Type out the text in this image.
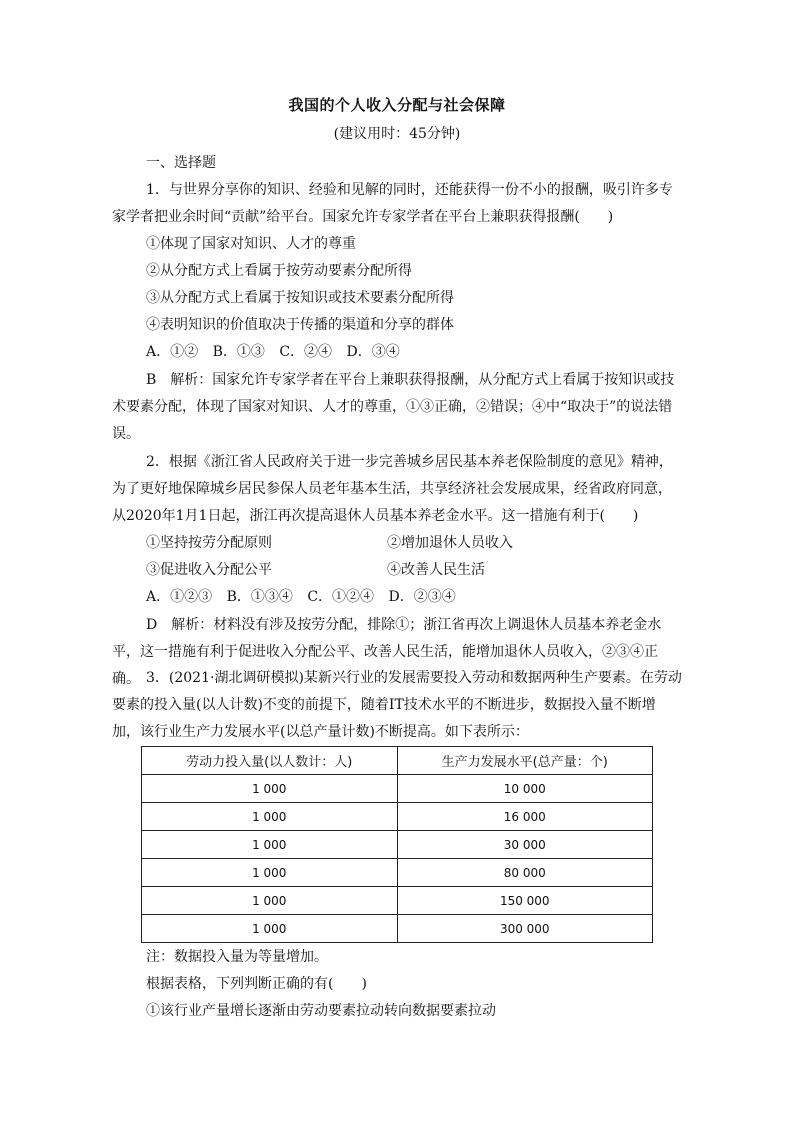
我国的个人收入分配与社会保障
(建议用时：45分钟)
一、选择题
1．与世界分享你的知识、经验和见解的同时，还能获得一份不小的报酬，吸引许多专家学者把业余时间“贡献”给平台。国家允许专家学者在平台上兼职获得报酬(　　)
①体现了国家对知识、人才的尊重
②从分配方式上看属于按劳动要素分配所得
③从分配方式上看属于按知识或技术要素分配所得
④表明知识的价值取决于传播的渠道和分享的群体
A．①② B．①③ C．②④ D．③④
B　解析：国家允许专家学者在平台上兼职获得报酬，从分配方式上看属于按知识或技术要素分配，体现了国家对知识、人才的尊重，①③正确，②错误；④中“取决于”的说法错误。
2．根据《浙江省人民政府关于进一步完善城乡居民基本养老保险制度的意见》精神，为了更好地保障城乡居民参保人员老年基本生活，共享经济社会发展成果，经省政府同意，从2020年1月1日起，浙江再次提高退休人员基本养老金水平。这一措施有利于(　　)
①坚持按劳分配原则	②增加退休人员收入
③促进收入分配公平	④改善人民生活
A．①②③ B．①③④ C．①②④ D．②③④
D　解析：材料没有涉及按劳分配，排除①；浙江省再次上调退休人员基本养老金水平，这一措施有利于促进收入分配公平、改善人民生活，能增加退休人员收入，②③④正确。 3．(2021·湖北调研模拟)某新兴行业的发展需要投入劳动和数据两种生产要素。在劳动要素的投入量(以人计数)不变的前提下，随着IT技术水平的不断进步，数据投入量不断增加，该行业生产力发展水平(以总产量计数)不断提高。如下表所示：
劳动力投入量(以人数计：人)	生产力发展水平(总产量：个)
1 000	10 000
1 000	16 000
1 000	30 000
1 000	80 000
1 000	150 000
1 000	300 000
注：数据投入量为等量增加。
根据表格，下列判断正确的有(　　)
①该行业产量增长逐渐由劳动要素拉动转向数据要素拉动
